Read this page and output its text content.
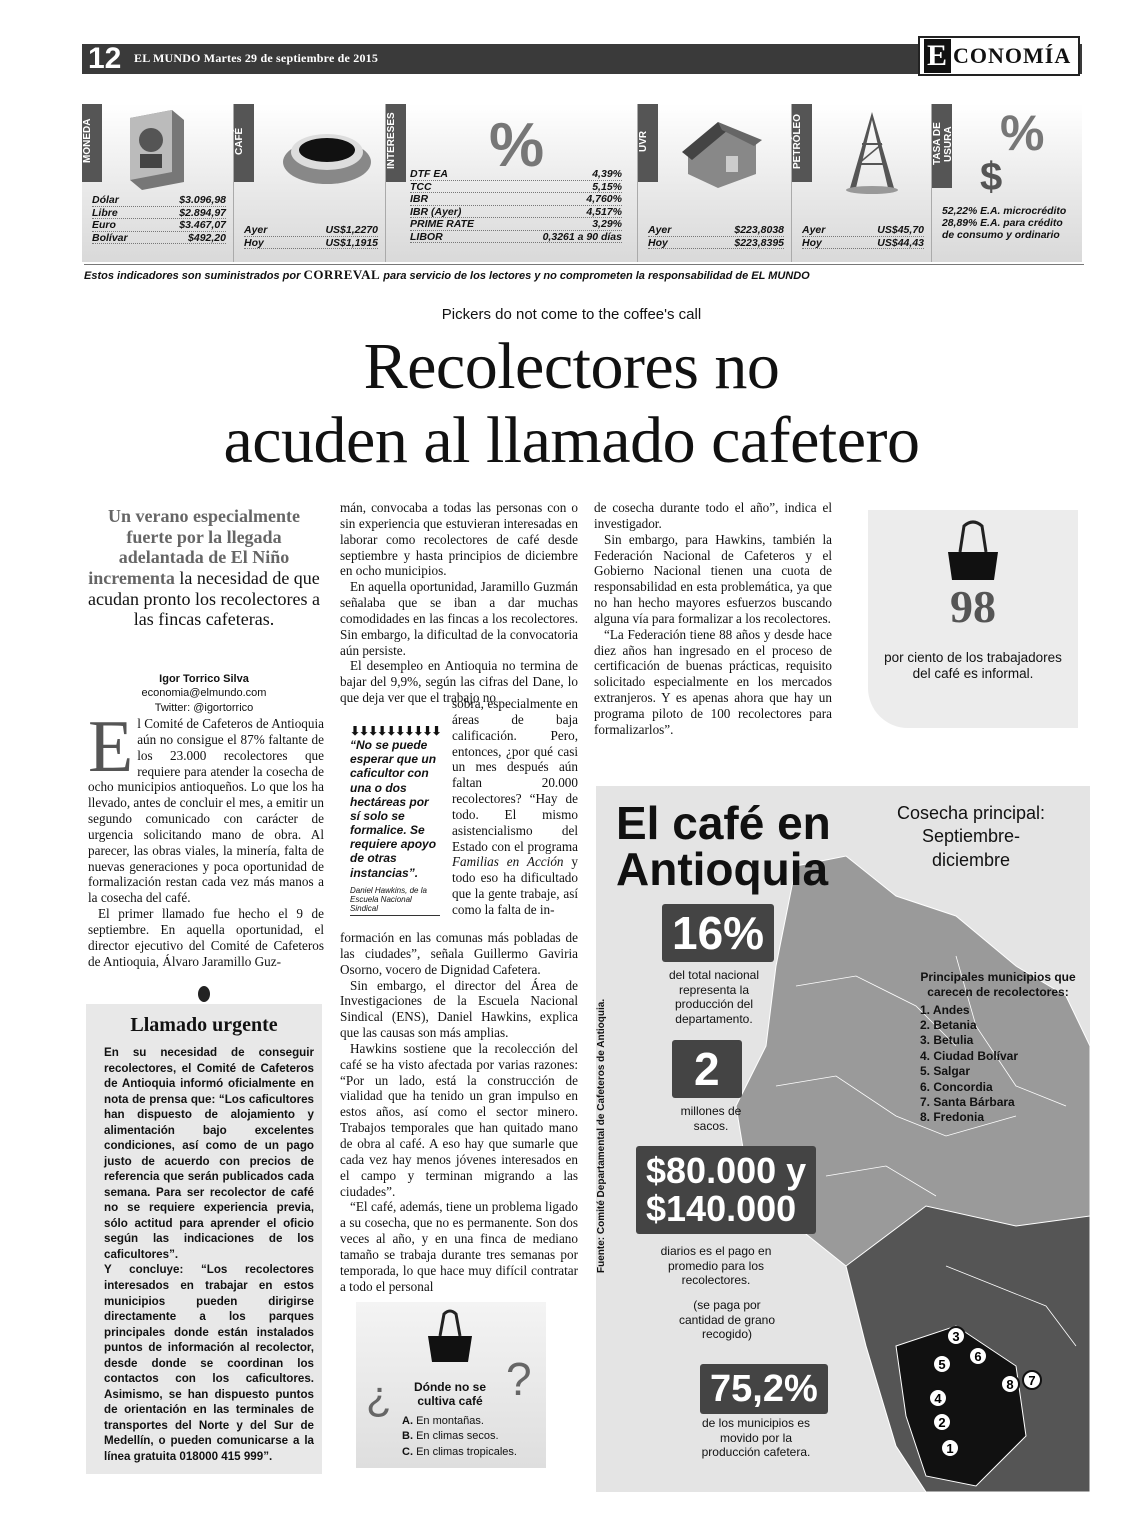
12 EL MUNDO Martes 29 de septiembre de 2015	E CONOMÍA
MONEDA
Dólar	$3.096,98
Libre	$2.894,97
Euro	$3.467,07
Bolívar	$492,20
CAFÉ
Ayer	US$1,2270
Hoy	US$1,1915
INTERESES %
DTF EA	4,39%
TCC	5,15%
IBR	4,760%
IBR (Ayer)	4,517%
PRIME RATE	3,29%
LIBOR	0,3261 a 90 días
UVR
Ayer	$223,8038
Hoy	$223,8395
PETRÓLEO
Ayer	US$45,70
Hoy	US$44,43
TASA DE USURA %
$
52,22% E.A. microcrédito
28,89% E.A. para crédito
de consumo y ordinario
Estos indicadores son suministrados por CORREVAL para servicio de los lectores y no comprometen la responsabilidad de EL MUNDO
Pickers do not come to the coffee's call
Recolectores no
acuden al llamado cafetero
Un verano especialmente fuerte por la llegada adelantada de El Niño incrementa la necesidad de que acudan pronto los recolectores a las fincas cafeteras.
Igor Torrico Silva
economia@elmundo.com
Twitter: @igortorrico

El Comité de Cafeteros de Antioquia aún no consigue el 87% faltante de los 23.000 recolectores que requiere para atender la cosecha de ocho municipios antioqueños. Lo que los ha llevado, antes de concluir el mes, a emitir un segundo comunicado con carácter de urgencia solicitando mano de obra. Al parecer, las obras viales, la minería, falta de nuevas generaciones y poca oportunidad de formalización restan cada vez más manos a la cosecha del café.

El primer llamado fue hecho el 9 de septiembre. En aquella oportunidad, el director ejecutivo del Comité de Cafeteros de Antioquia, Álvaro Jaramillo Guz-

Llamado urgente

En su necesidad de conseguir recolectores, el Comité de Cafeteros de Antioquia informó oficialmente en nota de prensa que: “Los caficultores han dispuesto de alojamiento y alimentación bajo excelentes condiciones, así como de un pago justo de acuerdo con precios de referencia que serán publicados cada semana. Para ser recolector de café no se requiere experiencia previa, sólo actitud para aprender el oficio según las indicaciones de los caficultores”.

Y concluye: “Los recolectores interesados en trabajar en estos municipios pueden dirigirse directamente a los parques principales donde están instalados puntos de información al recolector, desde donde se coordinan los contactos con los caficultores. Asimismo, se han dispuesto puntos de orientación en las terminales de transportes del Norte y del Sur de Medellín, o pueden comunicarse a la línea gratuita 018000 415 999”.

mán, convocaba a todas las personas con o sin experiencia que estuvieran interesadas en laborar como recolectores de café desde septiembre y hasta principios de diciembre en ocho municipios.

En aquella oportunidad, Jaramillo Guzmán señalaba que se iban a dar muchas comodidades en las fincas a los recolectores. Sin embargo, la dificultad de la convocatoria aún persiste.

El desempleo en Antioquia no termina de bajar del 9,9%, según las cifras del Dane, lo que deja ver que el trabajo no

⬇⬇⬇⬇⬇⬇⬇⬇⬇⬇
“No se puede esperar que un caficultor con una o dos hectáreas por sí solo se formalice. Se requiere apoyo de otras instancias”.
Daniel Hawkins, de la Escuela Nacional Sindical

sobra, especialmente en áreas de baja calificación. Pero, entonces, ¿por qué casi un mes después aún faltan 20.000 recolectores? “Hay de todo. El mismo asistencialismo del Estado con el programa Familias en Acción y todo eso ha dificultado que la gente trabaje, así como la falta de in-

formación en las comunas más pobladas de las ciudades”, señala Guillermo Gaviria Osorno, vocero de Dignidad Cafetera.

Sin embargo, el director del Área de Investigaciones de la Escuela Nacional Sindical (ENS), Daniel Hawkins, explica que las causas son más amplias.

Hawkins sostiene que la recolección del café se ha visto afectada por varias razones: “Por un lado, está la construcción de vialidad que ha tenido un gran impulso en estos años, así como el sector minero. Trabajos temporales que han quitado mano de obra al café. A eso hay que sumarle que cada vez hay menos jóvenes interesados en el campo y terminan migrando a las ciudades”.

“El café, además, tiene un problema ligado a su cosecha, que no es permanente. Son dos veces al año, y en una finca de mediano tamaño se trabaja durante tres semanas por temporada, lo que hace muy difícil contratar a todo el personal

de cosecha durante todo el año”, indica el investigador.

Sin embargo, para Hawkins, también la Federación Nacional de Cafeteros y el Gobierno Nacional tienen una cuota de responsabilidad en esta problemática, ya que no han hecho mayores esfuerzos buscando alguna vía para formalizar a los recolectores.

“La Federación tiene 88 años y desde hace diez años han ingresado en el proceso de certificación de buenas prácticas, requisito solicitado especialmente en los mercados extranjeros. Y es apenas ahora que hay un programa piloto de 100 recolectores para formalizarlos”.

98
por ciento de los trabajadores del café es informal.
¿ ?
Dónde no se cultiva café
A. En montañas.
B. En climas secos.
C. En climas tropicales.
El café en
Antioquia
Cosecha principal: Septiembre-diciembre
Fuente: Comité Departamental de Cafeteros de Antioquia.
16%
del total nacional representa la producción del departamento.
2
millones de sacos.
$80.000 y
$140.000
diarios es el pago en promedio para los recolectores.
(se paga por cantidad de grano recogido)
75,2%
de los municipios es movido por la producción cafetera.
Principales municipios que carecen de recolectores:
1. Andes
2. Betania
3. Betulia
4. Ciudad Bolívar
5. Salgar
6. Concordia
7. Santa Bárbara
8. Fredonia
1
2
3
4
5
6
7
8
